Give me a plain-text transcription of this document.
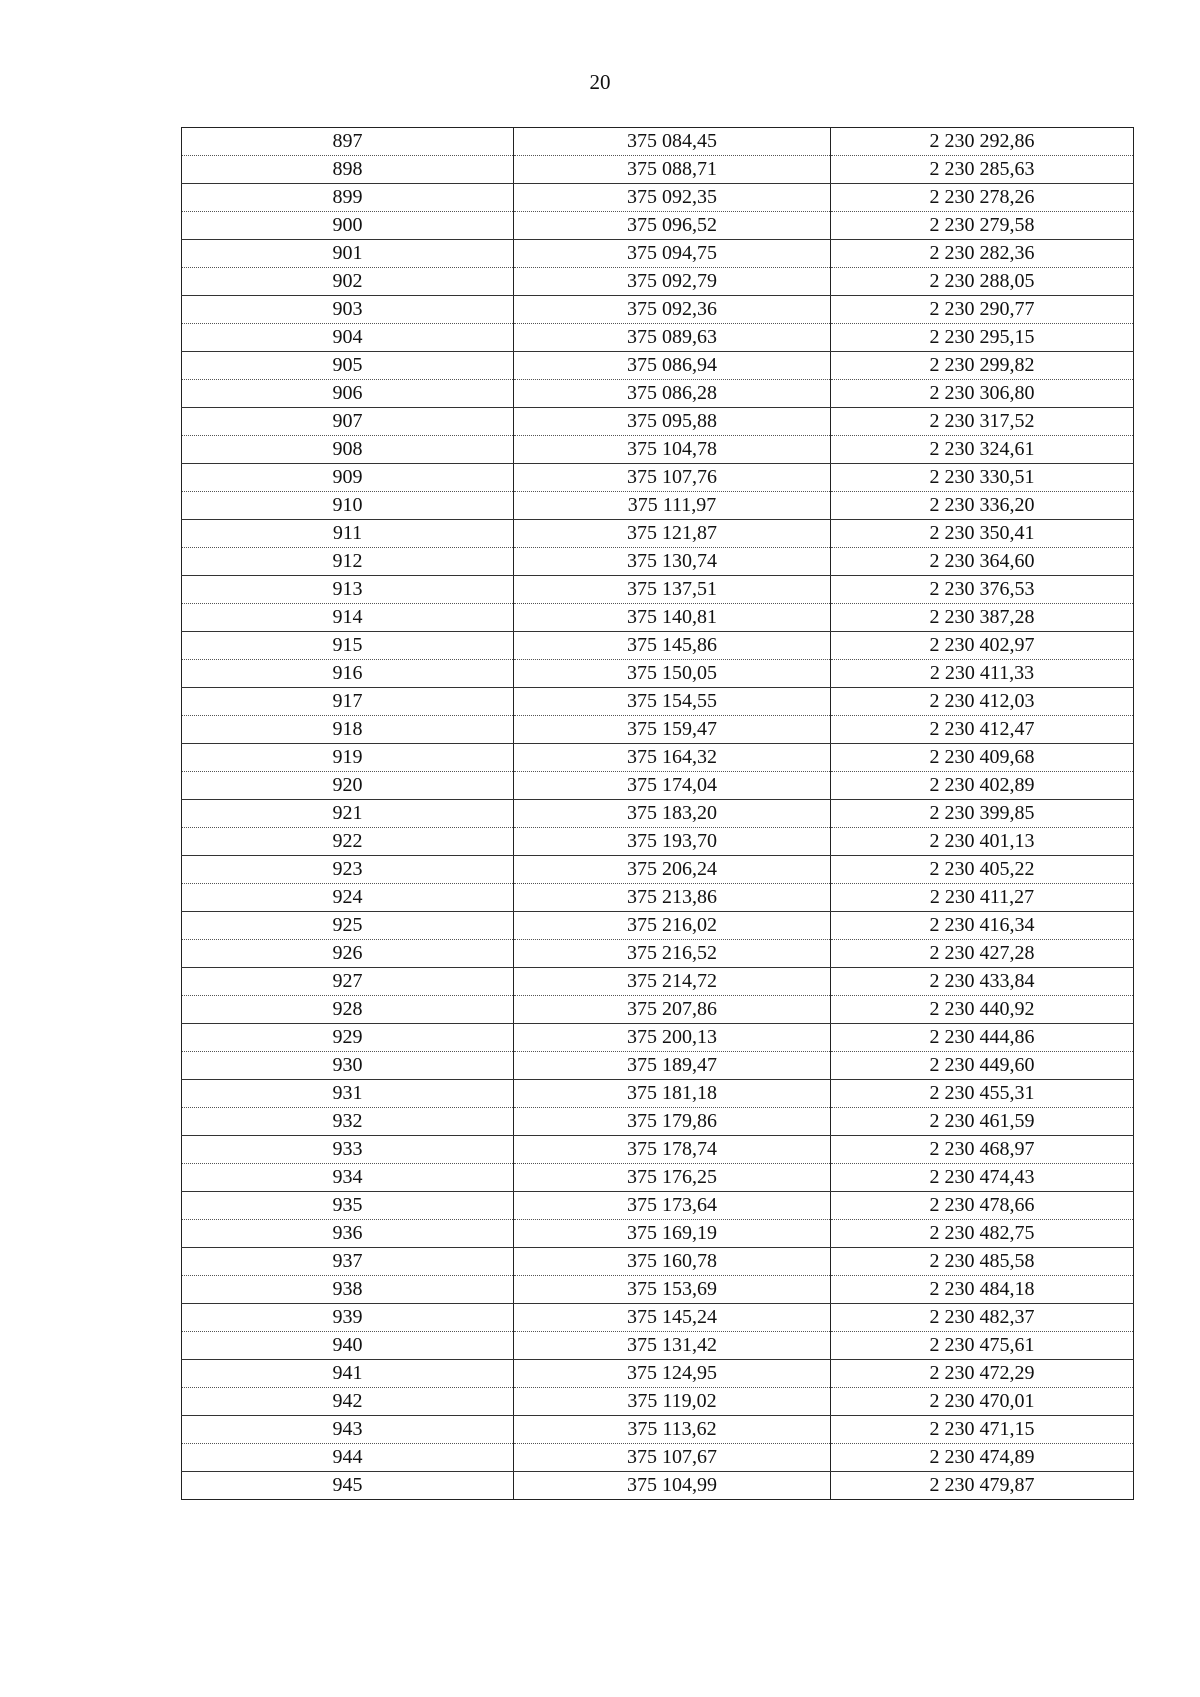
20
897	375 084,45	2 230 292,86
898	375 088,71	2 230 285,63
899	375 092,35	2 230 278,26
900	375 096,52	2 230 279,58
901	375 094,75	2 230 282,36
902	375 092,79	2 230 288,05
903	375 092,36	2 230 290,77
904	375 089,63	2 230 295,15
905	375 086,94	2 230 299,82
906	375 086,28	2 230 306,80
907	375 095,88	2 230 317,52
908	375 104,78	2 230 324,61
909	375 107,76	2 230 330,51
910	375 111,97	2 230 336,20
911	375 121,87	2 230 350,41
912	375 130,74	2 230 364,60
913	375 137,51	2 230 376,53
914	375 140,81	2 230 387,28
915	375 145,86	2 230 402,97
916	375 150,05	2 230 411,33
917	375 154,55	2 230 412,03
918	375 159,47	2 230 412,47
919	375 164,32	2 230 409,68
920	375 174,04	2 230 402,89
921	375 183,20	2 230 399,85
922	375 193,70	2 230 401,13
923	375 206,24	2 230 405,22
924	375 213,86	2 230 411,27
925	375 216,02	2 230 416,34
926	375 216,52	2 230 427,28
927	375 214,72	2 230 433,84
928	375 207,86	2 230 440,92
929	375 200,13	2 230 444,86
930	375 189,47	2 230 449,60
931	375 181,18	2 230 455,31
932	375 179,86	2 230 461,59
933	375 178,74	2 230 468,97
934	375 176,25	2 230 474,43
935	375 173,64	2 230 478,66
936	375 169,19	2 230 482,75
937	375 160,78	2 230 485,58
938	375 153,69	2 230 484,18
939	375 145,24	2 230 482,37
940	375 131,42	2 230 475,61
941	375 124,95	2 230 472,29
942	375 119,02	2 230 470,01
943	375 113,62	2 230 471,15
944	375 107,67	2 230 474,89
945	375 104,99	2 230 479,87
